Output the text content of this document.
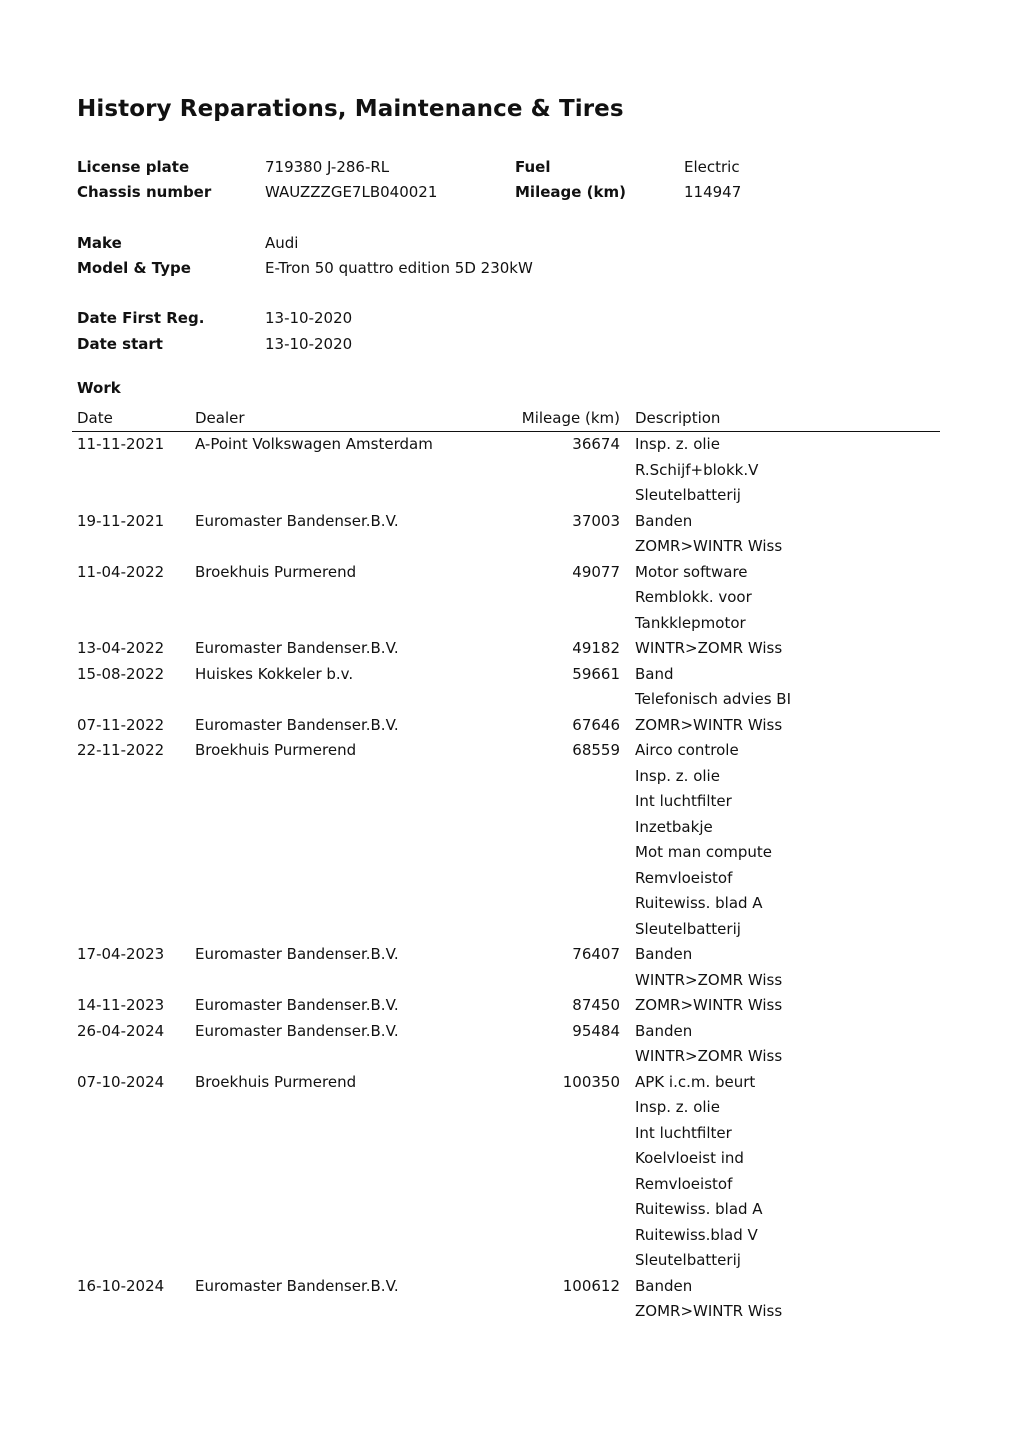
History Reparations, Maintenance & Tires
License plate	719380 J-286-RL	Fuel	Electric
Chassis number	WAUZZZGE7LB040021	Mileage (km)	114947
Make	Audi
Model & Type	E-Tron 50 quattro edition 5D 230kW
Date First Reg.	13-10-2020
Date start	13-10-2020
Work
Date	Dealer	Mileage (km) Description
11-11-2021 A-Point Volkswagen Amsterdam	36674 Insp. z. olie
R.Schijf+blokk.V
Sleutelbatterij
19-11-2021 Euromaster Bandenser.B.V.	37003 Banden
ZOMR>WINTR Wiss
11-04-2022 Broekhuis Purmerend	49077 Motor software
Remblokk. voor
Tankklepmotor
13-04-2022 Euromaster Bandenser.B.V.	49182 WINTR>ZOMR Wiss
15-08-2022 Huiskes Kokkeler b.v.	59661 Band
Telefonisch advies BI
07-11-2022 Euromaster Bandenser.B.V.	67646 ZOMR>WINTR Wiss
22-11-2022 Broekhuis Purmerend	68559 Airco controle
Insp. z. olie
Int luchtfilter
Inzetbakje
Mot man compute
Remvloeistof
Ruitewiss. blad A
Sleutelbatterij
17-04-2023 Euromaster Bandenser.B.V.	76407 Banden
WINTR>ZOMR Wiss
14-11-2023 Euromaster Bandenser.B.V.	87450 ZOMR>WINTR Wiss
26-04-2024 Euromaster Bandenser.B.V.	95484 Banden
WINTR>ZOMR Wiss
07-10-2024 Broekhuis Purmerend	100350 APK i.c.m. beurt
Insp. z. olie
Int luchtfilter
Koelvloeist ind
Remvloeistof
Ruitewiss. blad A
Ruitewiss.blad V
Sleutelbatterij
16-10-2024 Euromaster Bandenser.B.V.	100612 Banden
ZOMR>WINTR Wiss
